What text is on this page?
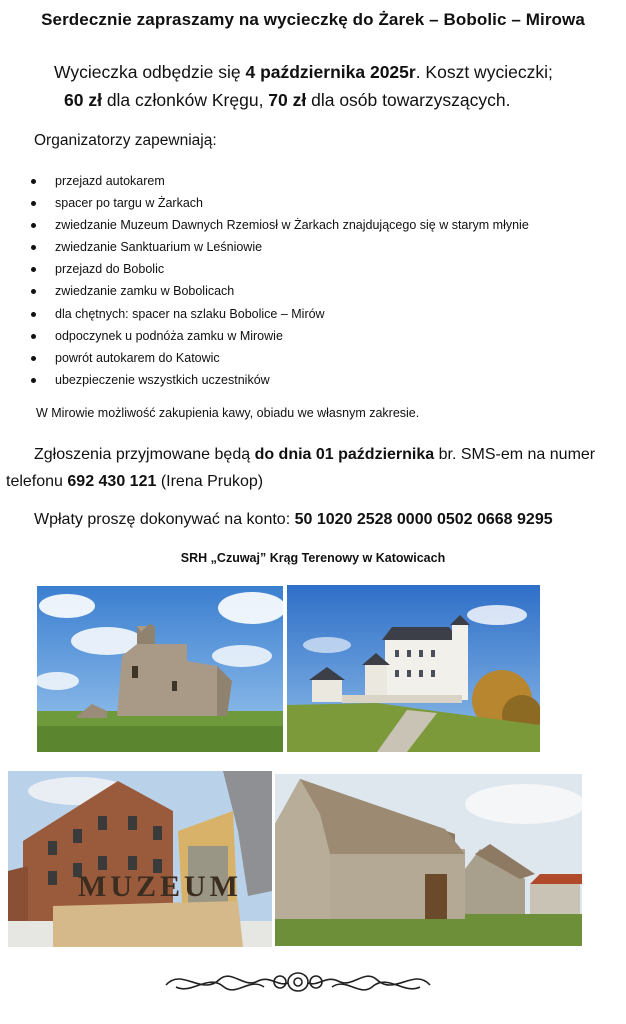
Serdecznie zapraszamy na wycieczkę do Żarek – Bobolic – Mirowa
Wycieczka odbędzie się 4 października 2025r. Koszt wycieczki;
60 zł dla członków Kręgu, 70 zł dla osób towarzyszących.
Organizatorzy zapewniają:
przejazd autokarem
spacer po targu w Żarkach
zwiedzanie Muzeum Dawnych Rzemiosł w Żarkach znajdującego się w starym młynie
zwiedzanie Sanktuarium w Leśniowie
przejazd do Bobolic
zwiedzanie zamku w Bobolicach
dla chętnych: spacer na szlaku Bobolice – Mirów
odpoczynek u podnóża zamku w Mirowie
powrót autokarem do Katowic
ubezpieczenie wszystkich uczestników
W Mirowie możliwość zakupienia kawy, obiadu we własnym zakresie.
Zgłoszenia przyjmowane będą do dnia 01 października br. SMS-em na numer telefonu 692 430 121 (Irena Prukop)
Wpłaty proszę dokonywać na konto: 50 1020 2528 0000 0502 0668 9295
SRH „Czuwaj” Krąg Terenowy w Katowicach
MUZEUM
